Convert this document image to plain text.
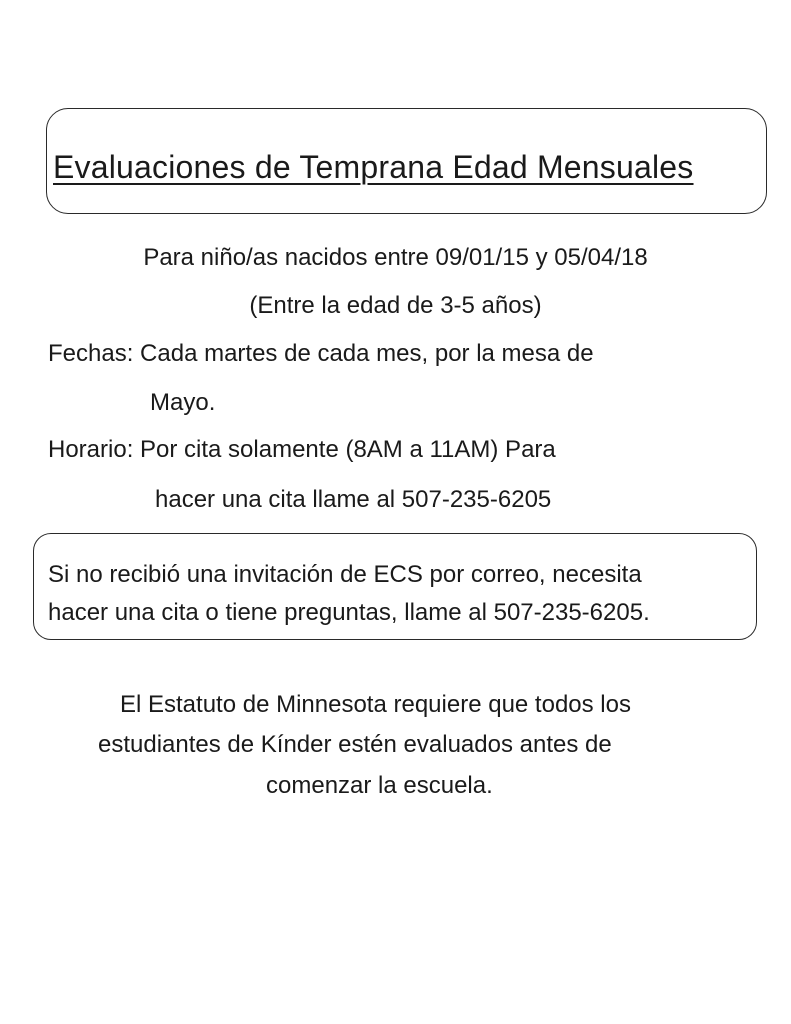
Evaluaciones de Temprana Edad Mensuales
Para niño/as nacidos entre 09/01/15 y 05/04/18
(Entre la edad de 3-5 años)
Fechas: Cada martes de cada mes, por la mesa de
Mayo.
Horario: Por cita solamente (8AM a 11AM) Para
hacer una cita llame al 507-235-6205
Si no recibió una invitación de ECS por correo, necesita
hacer una cita o tiene preguntas, llame al 507-235-6205.
El Estatuto de Minnesota requiere que todos los
estudiantes de Kínder estén evaluados antes de
comenzar la escuela.
